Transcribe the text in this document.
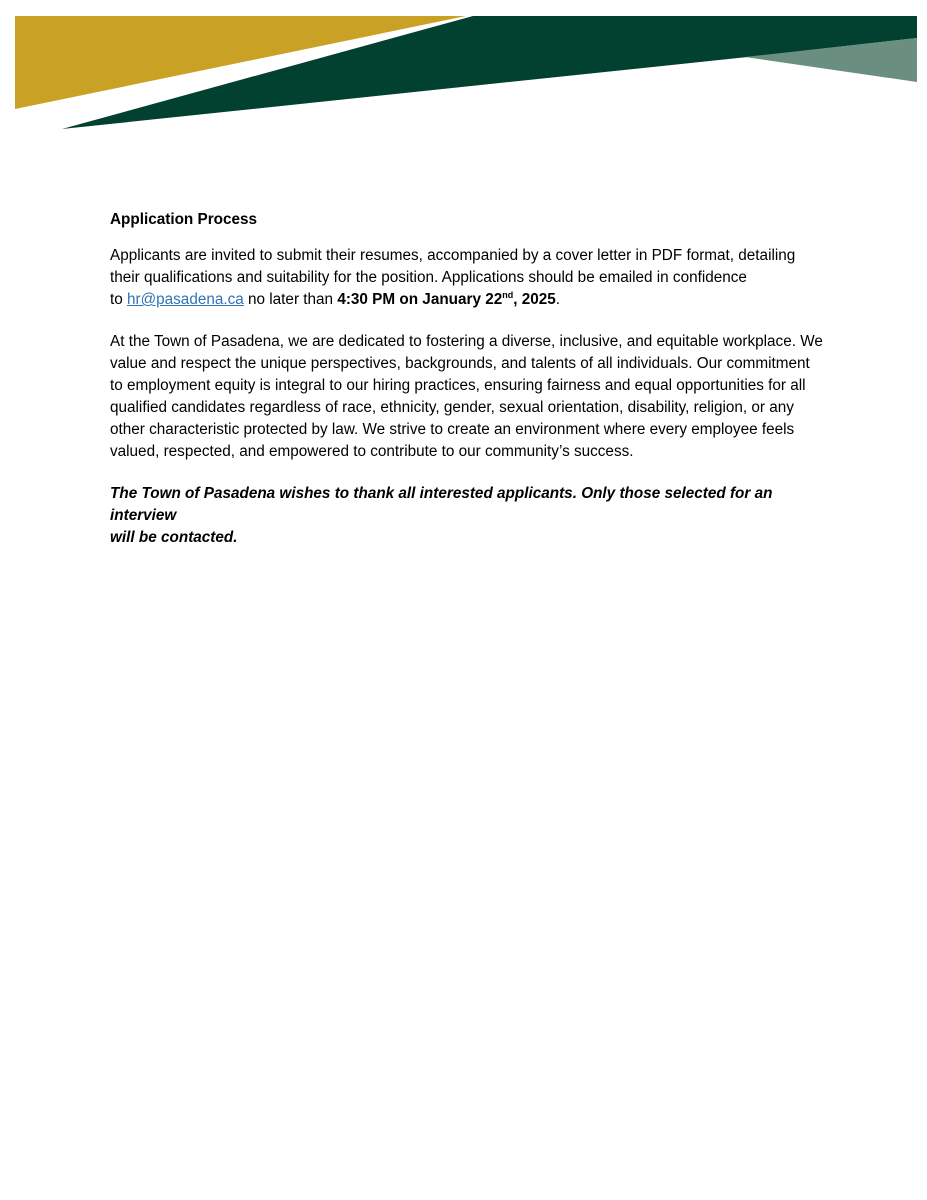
Application Process
Applicants are invited to submit their resumes, accompanied by a cover letter in PDF format, detailing
their qualifications and suitability for the position. Applications should be emailed in confidence
to hr@pasadena.ca no later than 4:30 PM on January 22nd, 2025.
At the Town of Pasadena, we are dedicated to fostering a diverse, inclusive, and equitable workplace. We
value and respect the unique perspectives, backgrounds, and talents of all individuals. Our commitment
to employment equity is integral to our hiring practices, ensuring fairness and equal opportunities for all
qualified candidates regardless of race, ethnicity, gender, sexual orientation, disability, religion, or any
other characteristic protected by law. We strive to create an environment where every employee feels
valued, respected, and empowered to contribute to our community’s success.
The Town of Pasadena wishes to thank all interested applicants. Only those selected for an interview
will be contacted.
